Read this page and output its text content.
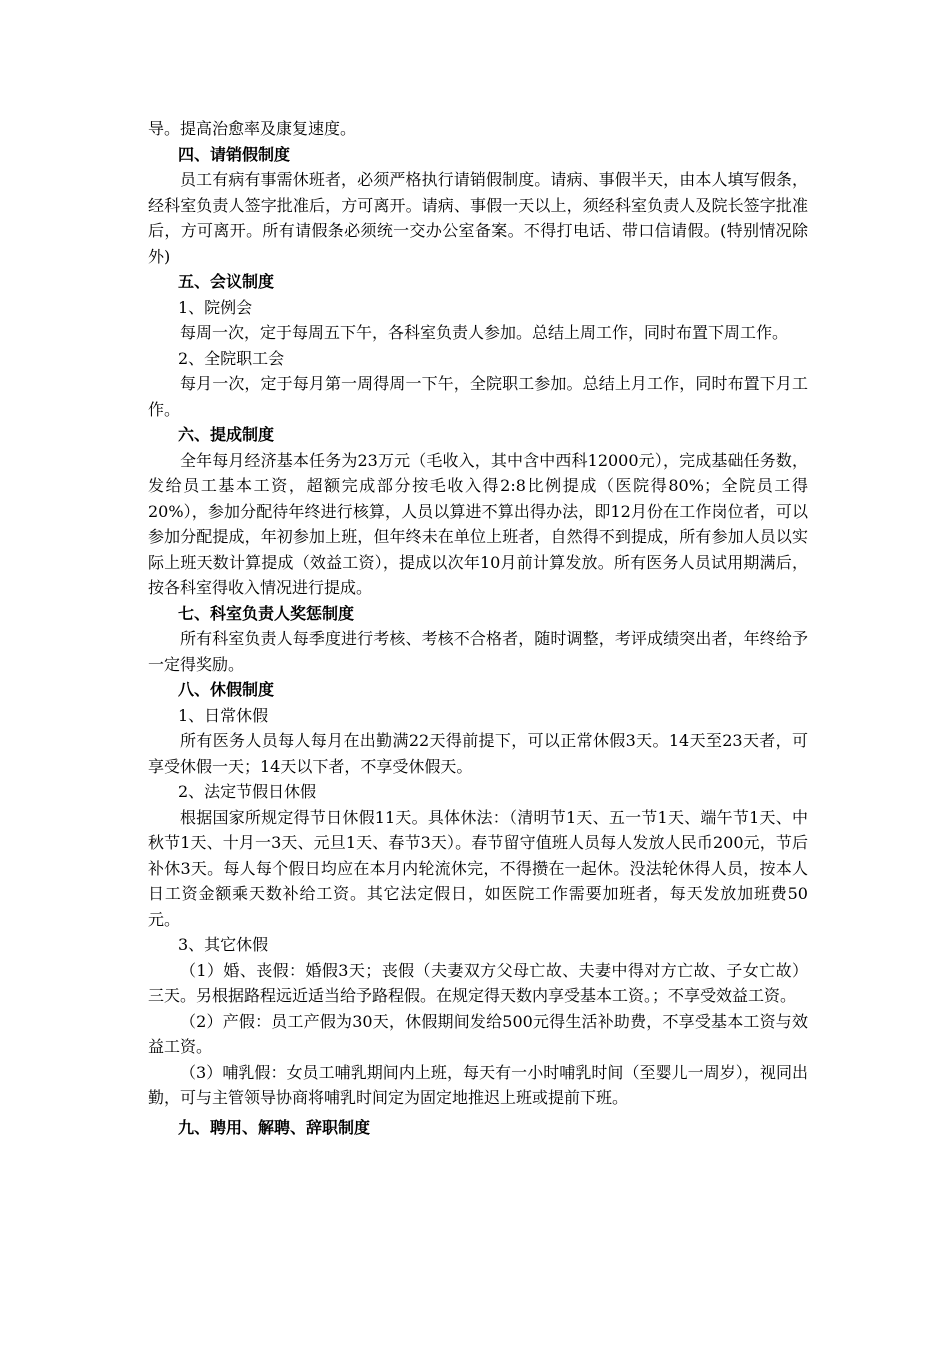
导。提高治愈率及康复速度。

四、请销假制度

员工有病有事需休班者，必须严格执行请销假制度。请病、事假半天，由本人填写假条，经科室负责人签字批准后，方可离开。请病、事假一天以上，须经科室负责人及院长签字批准后，方可离开。所有请假条必须统一交办公室备案。不得打电话、带口信请假。(特别情况除外)

五、会议制度

1、院例会

每周一次，定于每周五下午，各科室负责人参加。总结上周工作，同时布置下周工作。

2、全院职工会

每月一次，定于每月第一周得周一下午，全院职工参加。总结上月工作，同时布置下月工作。

六、提成制度

全年每月经济基本任务为23万元（毛收入，其中含中西科12000元），完成基础任务数，发给员工基本工资，超额完成部分按毛收入得2:8比例提成（医院得80%；全院员工得20%），参加分配待年终进行核算，人员以算进不算出得办法，即12月份在工作岗位者，可以参加分配提成，年初参加上班，但年终未在单位上班者，自然得不到提成，所有参加人员以实际上班天数计算提成（效益工资），提成以次年10月前计算发放。所有医务人员试用期满后，按各科室得收入情况进行提成。

七、科室负责人奖惩制度

所有科室负责人每季度进行考核、考核不合格者，随时调整，考评成绩突出者，年终给予一定得奖励。

八、休假制度

1、日常休假

所有医务人员每人每月在出勤满22天得前提下，可以正常休假3天。14天至23天者，可享受休假一天；14天以下者，不享受休假天。

2、法定节假日休假

根据国家所规定得节日休假11天。具体休法：（清明节1天、五一节1天、端午节1天、中秋节1天、十月一3天、元旦1天、春节3天）。春节留守值班人员每人发放人民币200元，节后补休3天。每人每个假日均应在本月内轮流休完，不得攒在一起休。没法轮休得人员，按本人日工资金额乘天数补给工资。其它法定假日，如医院工作需要加班者，每天发放加班费50元。

3、其它休假

（1）婚、丧假：婚假3天；丧假（夫妻双方父母亡故、夫妻中得对方亡故、子女亡故）三天。另根据路程远近适当给予路程假。在规定得天数内享受基本工资。；不享受效益工资。

（2）产假：员工产假为30天，休假期间发给500元得生活补助费，不享受基本工资与效益工资。

（3）哺乳假：女员工哺乳期间内上班，每天有一小时哺乳时间（至婴儿一周岁），视同出勤，可与主管领导协商将哺乳时间定为固定地推迟上班或提前下班。

九、聘用、解聘、辞职制度
